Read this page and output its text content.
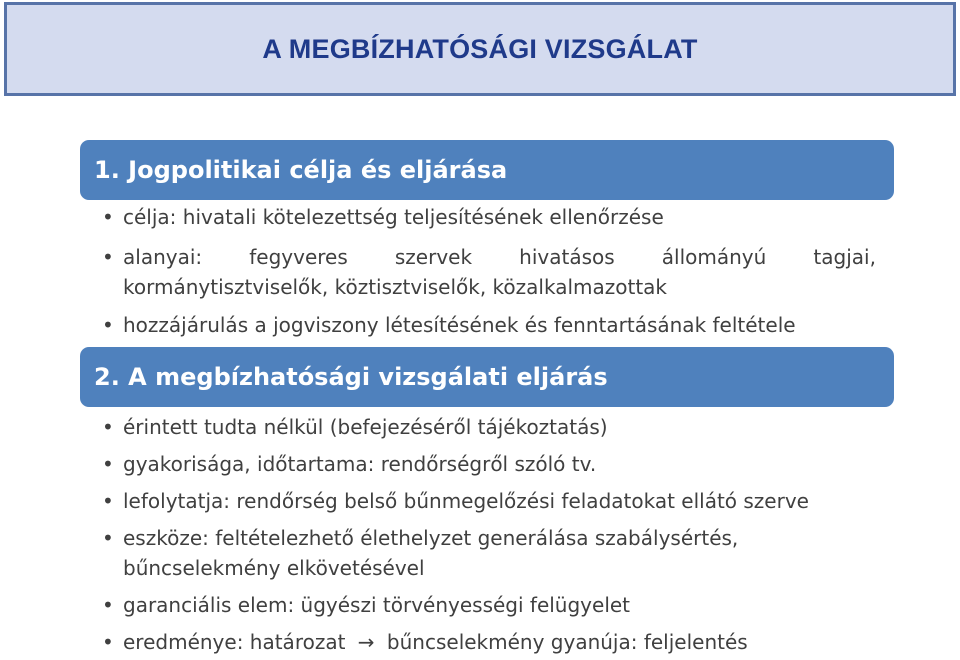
A MEGBÍZHATÓSÁGI VIZSGÁLAT
1. Jogpolitikai célja és eljárása
• célja: hivatali kötelezettség teljesítésének ellenőrzése
• alanyai: fegyveres szervek hivatásos állományú tagjai,
kormánytisztviselők, köztisztviselők, közalkalmazottak
• hozzájárulás a jogviszony létesítésének és fenntartásának feltétele
2. A megbízhatósági vizsgálati eljárás
• érintett tudta nélkül (befejezéséről tájékoztatás)
• gyakorisága, időtartama: rendőrségről szóló tv.
• lefolytatja: rendőrség belső bűnmegelőzési feladatokat ellátó szerve
• eszköze: feltételezhető élethelyzet generálása szabálysértés,
bűncselekmény elkövetésével
• garanciális elem: ügyészi törvényességi felügyelet
• eredménye: határozat → bűncselekmény gyanúja: feljelentés
